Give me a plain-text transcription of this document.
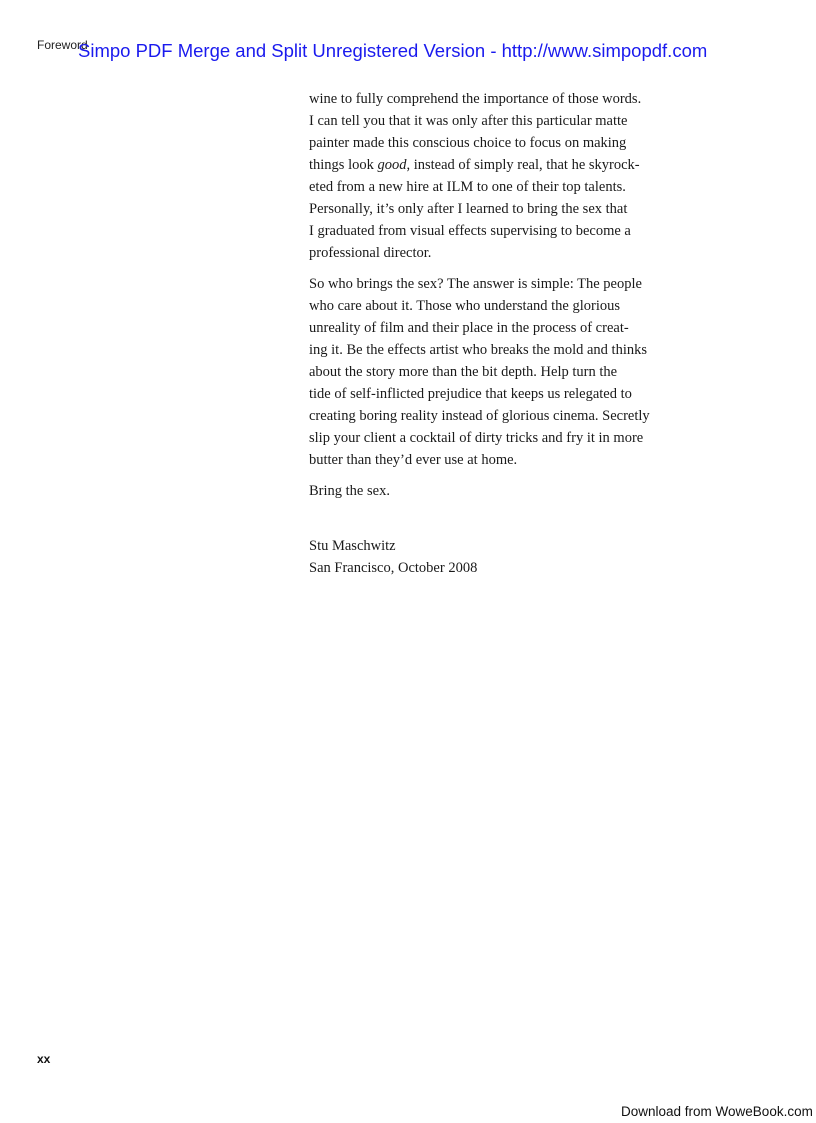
Foreword

Simpo PDF Merge and Split Unregistered Version - http://www.simpopdf.com

wine to fully comprehend the importance of those words.
I can tell you that it was only after this particular matte
painter made this conscious choice to focus on making
things look good, instead of simply real, that he skyrock-
eted from a new hire at ILM to one of their top talents.
Personally, it’s only after I learned to bring the sex that
I graduated from visual effects supervising to become a
professional director.

So who brings the sex? The answer is simple: The people
who care about it. Those who understand the glorious
unreality of film and their place in the process of creat-
ing it. Be the effects artist who breaks the mold and thinks
about the story more than the bit depth. Help turn the
tide of self-inflicted prejudice that keeps us relegated to
creating boring reality instead of glorious cinema. Secretly
slip your client a cocktail of dirty tricks and fry it in more
butter than they’d ever use at home.

Bring the sex.

Stu Maschwitz
San Francisco, October 2008

xx

Download from WoweBook.com
